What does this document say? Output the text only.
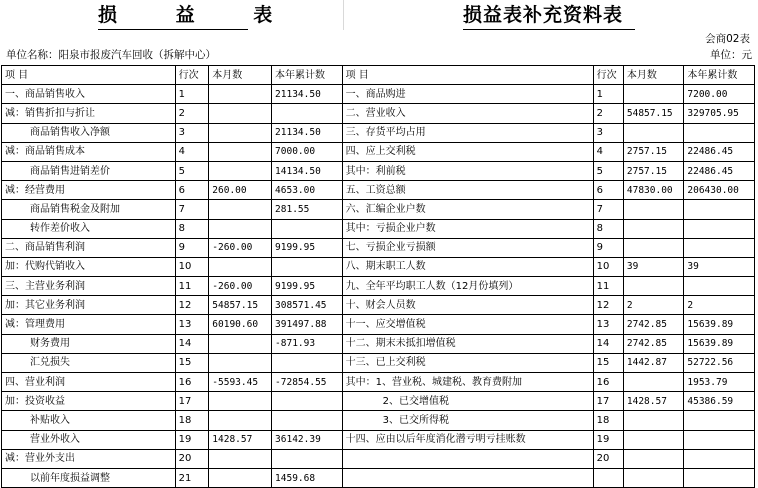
损 益 表	损益表补充资料表
会商02表
单位名称：阳泉市报废汽车回收（拆解中心）	单位：元
项 目	行次	本月数	本年累计数	项 目	行次	本月数	本年累计数
一、商品销售收入	1		21134.50	一、商品购进	1		7200.00
减：销售折扣与折让	2			二、营业收入	2	54857.15	329705.95
商品销售收入净额	3		21134.50	三、存货平均占用	3		
减：商品销售成本	4		7000.00	四、应上交利税	4	2757.15	22486.45
商品销售进销差价	5		14134.50	其中：利前税	5	2757.15	22486.45
减：经营费用	6	260.00	4653.00	五、工资总额	6	47830.00	206430.00
商品销售税金及附加	7		281.55	六、汇编企业户数	7		
转作差价收入	8			其中：亏损企业户数	8		
二、商品销售利润	9	-260.00	9199.95	七、亏损企业亏损额	9		
加：代购代销收入	10			八、期末职工人数	10	39	39
三、主营业务利润	11	-260.00	9199.95	九、全年平均职工人数（12月份填列）	11		
加：其它业务利润	12	54857.15	308571.45	十、财会人员数	12	2	2
减：管理费用	13	60190.60	391497.88	十一、应交增值税	13	2742.85	15639.89
财务费用	14		-871.93	十二、期末未抵扣增值税	14	2742.85	15639.89
汇兑损失	15			十三、已上交利税	15	1442.87	52722.56
四、营业利润	16	-5593.45	-72854.55	其中：1、营业税、城建税、教育费附加	16		1953.79
加：投资收益	17			2、已交增值税	17	1428.57	45386.59
补贴收入	18			3、已交所得税	18		
营业外收入	19	1428.57	36142.39	十四、应由以后年度消化潜亏明亏挂账数	19		
减：营业外支出	20				20		
以前年度损益调整	21		1459.68				
